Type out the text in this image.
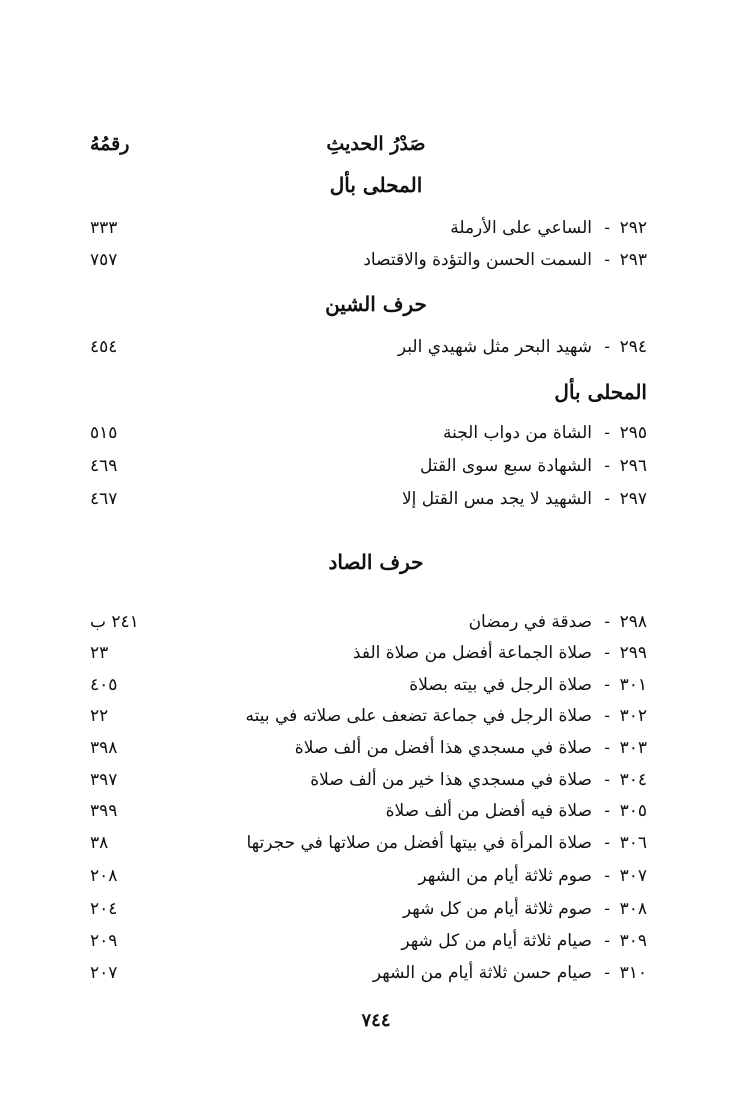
صَدْرُ الحديثِ
رقمُهُ
المحلى بأل
٢٩٢
-
الساعي على الأرملة
٣٣٣
٢٩٣
-
السمت الحسن والتؤدة والاقتصاد
٧٥٧
حرف الشين
٢٩٤
-
شهيد البحر مثل شهيدي البر
٤٥٤
المحلى بأل
٢٩٥
-
الشاة من دواب الجنة
٥١٥
٢٩٦
-
الشهادة سبع سوى القتل
٤٦٩
٢٩٧
-
الشهيد لا يجد مس القتل إلا
٤٦٧
حرف الصاد
٢٩٨
-
صدقة في رمضان
٢٤١ ب
٢٩٩
-
صلاة الجماعة أفضل من صلاة الفذ
٢٣
٣٠١
-
صلاة الرجل في بيته بصلاة
٤٠٥
٣٠٢
-
صلاة الرجل في جماعة تضعف على صلاته في بيته
٢٢
٣٠٣
-
صلاة في مسجدي هذا أفضل من ألف صلاة
٣٩٨
٣٠٤
-
صلاة في مسجدي هذا خير من ألف صلاة
٣٩٧
٣٠٥
-
صلاة فيه أفضل من ألف صلاة
٣٩٩
٣٠٦
-
صلاة المرأة في بيتها أفضل من صلاتها في حجرتها
٣٨
٣٠٧
-
صوم ثلاثة أيام من الشهر
٢٠٨
٣٠٨
-
صوم ثلاثة أيام من كل شهر
٢٠٤
٣٠٩
-
صيام ثلاثة أيام من كل شهر
٢٠٩
٣١٠
-
صيام حسن ثلاثة أيام من الشهر
٢٠٧
٧٤٤
